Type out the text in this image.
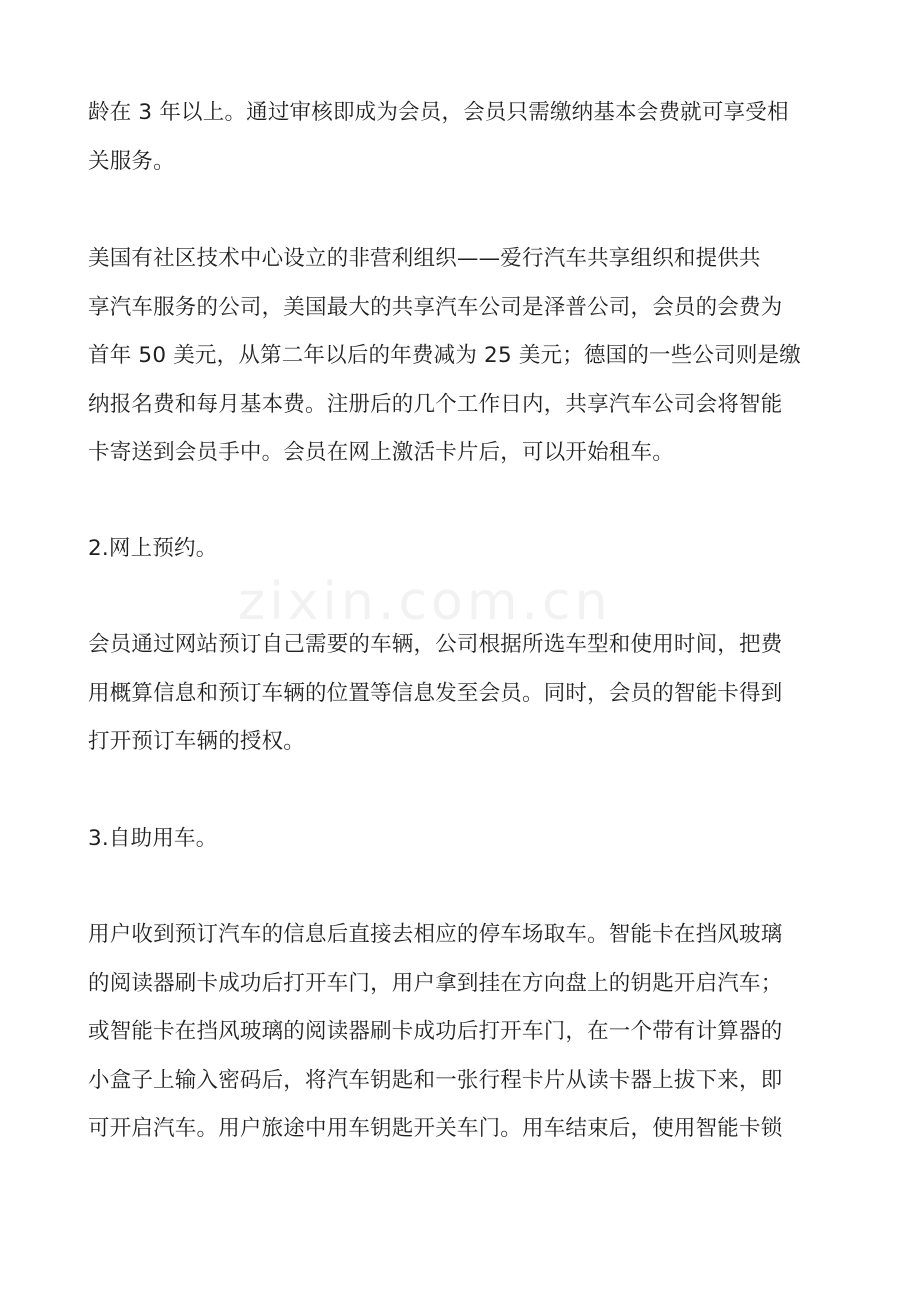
zixin.com.cn
龄在 3 年以上。通过审核即成为会员，会员只需缴纳基本会费就可享受相
关服务。
美国有社区技术中心设立的非营利组织——爱行汽车共享组织和提供共
享汽车服务的公司，美国最大的共享汽车公司是泽普公司，会员的会费为
首年 50 美元，从第二年以后的年费减为 25 美元；德国的一些公司则是缴
纳报名费和每月基本费。注册后的几个工作日内，共享汽车公司会将智能
卡寄送到会员手中。会员在网上激活卡片后，可以开始租车。
2.网上预约。
会员通过网站预订自己需要的车辆，公司根据所选车型和使用时间，把费
用概算信息和预订车辆的位置等信息发至会员。同时，会员的智能卡得到
打开预订车辆的授权。
3.自助用车。
用户收到预订汽车的信息后直接去相应的停车场取车。智能卡在挡风玻璃
的阅读器刷卡成功后打开车门，用户拿到挂在方向盘上的钥匙开启汽车；
或智能卡在挡风玻璃的阅读器刷卡成功后打开车门，在一个带有计算器的
小盒子上输入密码后，将汽车钥匙和一张行程卡片从读卡器上拔下来，即
可开启汽车。用户旅途中用车钥匙开关车门。用车结束后，使用智能卡锁
